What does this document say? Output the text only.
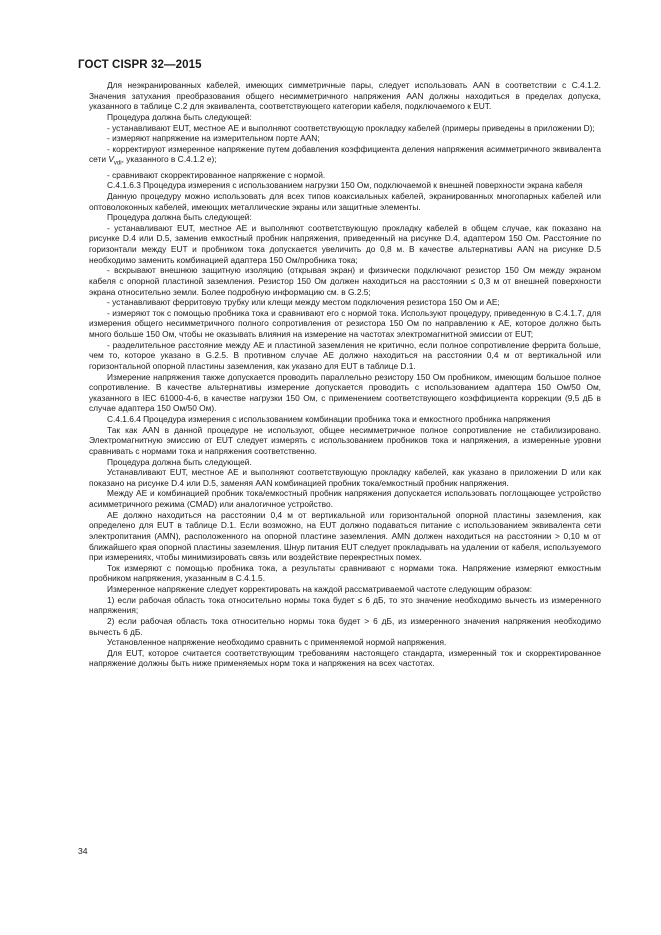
ГОСТ CISPR 32—2015

Для неэкранированных кабелей, имеющих симметричные пары, следует использовать AAN в соответствии с С.4.1.2. Значения затухания преобразования общего несимметричного напряжения AAN должны находиться в пределах допуска, указанного в таблице С.2 для эквивалента, соответствующего категории кабеля, подключаемого к EUT.

Процедура должна быть следующей:

- устанавливают EUT, местное AE и выполняют соответствующую прокладку кабелей (примеры приведены в приложении D);

- измеряют напряжение на измерительном порте AAN;

- корректируют измеренное напряжение путем добавления коэффициента деления напряжения асимметричного эквивалента сети $V_{vdi}$, указанного в С.4.1.2 е);

- сравнивают скорректированное напряжение с нормой.

С.4.1.6.3 Процедура измерения с использованием нагрузки 150 Ом, подключаемой к внешней поверхности экрана кабеля

Данную процедуру можно использовать для всех типов коаксиальных кабелей, экранированных многопарных кабелей или оптоволоконных кабелей, имеющих металлические экраны или защитные элементы.

Процедура должна быть следующей:

- устанавливают EUT, местное AE и выполняют соответствующую прокладку кабелей в общем случае, как показано на рисунке D.4 или D.5, заменив емкостный пробник напряжения, приведенный на рисунке D.4, адаптером 150 Ом. Расстояние по горизонтали между EUT и пробником тока допускается увеличить до 0,8 м. В качестве альтернативы AAN на рисунке D.5 необходимо заменить комбинацией адаптера 150 Ом/пробника тока;

- вскрывают внешнюю защитную изоляцию (открывая экран) и физически подключают резистор 150 Ом между экраном кабеля с опорной пластиной заземления. Резистор 150 Ом должен находиться на расстоянии ≤ 0,3 м от внешней поверхности экрана относительно земли. Более подробную информацию см. в G.2.5;

- устанавливают ферритовую трубку или клещи между местом подключения резистора 150 Ом и AE;

- измеряют ток с помощью пробника тока и сравнивают его с нормой тока. Используют процедуру, приведенную в С.4.1.7, для измерения общего несимметричного полного сопротивления от резистора 150 Ом по направлению к AE, которое должно быть много больше 150 Ом, чтобы не оказывать влияния на измерение на частотах электромагнитной эмиссии от EUT;

- разделительное расстояние между AE и пластиной заземления не критично, если полное сопротивление феррита больше, чем то, которое указано в G.2.5. В противном случае AE должно находиться на расстоянии 0,4 м от вертикальной или горизонтальной опорной пластины заземления, как указано для EUT в таблице D.1.

Измерение напряжения также допускается проводить параллельно резистору 150 Ом пробником, имеющим большое полное сопротивление. В качестве альтернативы измерение допускается проводить с использованием адаптера 150 Ом/50 Ом, указанного в IEC 61000-4-6, в качестве нагрузки 150 Ом, с применением соответствующего коэффициента коррекции (9,5 дБ в случае адаптера 150 Ом/50 Ом).

С.4.1.6.4 Процедура измерения с использованием комбинации пробника тока и емкостного пробника напряжения

Так как AAN в данной процедуре не используют, общее несимметричное полное сопротивление не стабилизировано. Электромагнитную эмиссию от EUT следует измерять с использованием пробников тока и напряжения, а измеренные уровни сравнивать с нормами тока и напряжения соответственно.

Процедура должна быть следующей.

Устанавливают EUT, местное AE и выполняют соответствующую прокладку кабелей, как указано в приложении D или как показано на рисунке D.4 или D.5, заменяя AAN комбинацией пробник тока/емкостный пробник напряжения.

Между AE и комбинацией пробник тока/емкостный пробник напряжения допускается использовать поглощающее устройство асимметричного режима (CMAD) или аналогичное устройство.

AE должно находиться на расстоянии 0,4 м от вертикальной или горизонтальной опорной пластины заземления, как определено для EUT в таблице D.1. Если возможно, на EUT должно подаваться питание с использованием эквивалента сети электропитания (AMN), расположенного на опорной пластине заземления. AMN должен находиться на расстоянии > 0,10 м от ближайшего края опорной пластины заземления. Шнур питания EUT следует прокладывать на удалении от кабеля, используемого при измерениях, чтобы минимизировать связь или воздействие перекрестных помех.

Ток измеряют с помощью пробника тока, а результаты сравнивают с нормами тока. Напряжение измеряют емкостным пробником напряжения, указанным в С.4.1.5.

Измеренное напряжение следует корректировать на каждой рассматриваемой частоте следующим образом:

1) если рабочая область тока относительно нормы тока будет ≤ 6 дБ, то это значение необходимо вычесть из измеренного напряжения;

2) если рабочая область тока относительно нормы тока будет > 6 дБ, из измеренного значения напряжения необходимо вычесть 6 дБ.

Установленное напряжение необходимо сравнить с применяемой нормой напряжения.

Для EUT, которое считается соответствующим требованиям настоящего стандарта, измеренный ток и скорректированное напряжение должны быть ниже применяемых норм тока и напряжения на всех частотах.

34
